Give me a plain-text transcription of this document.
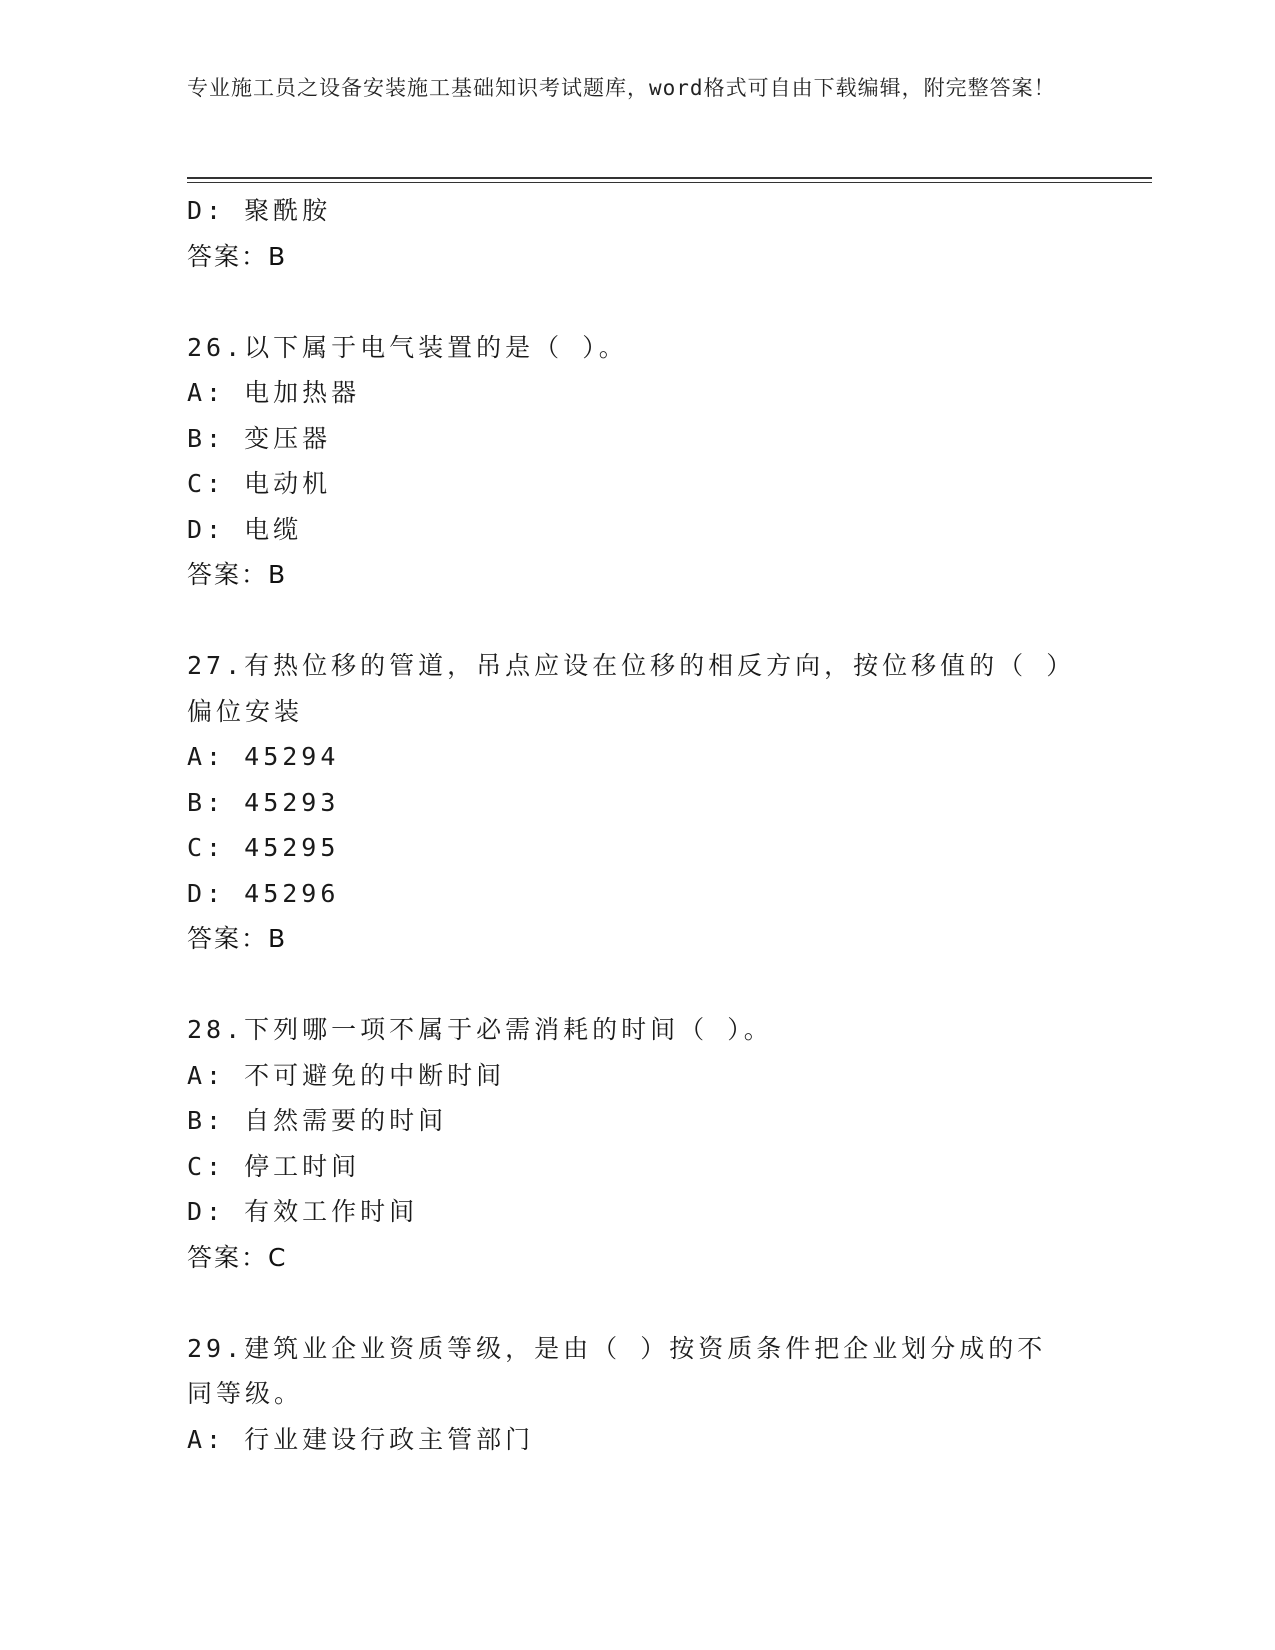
专业施工员之设备安装施工基础知识考试题库，word格式可自由下载编辑，附完整答案！
D: 聚酰胺
答案：B
26.以下属于电气装置的是（ ）。
A: 电加热器
B: 变压器
C: 电动机
D: 电缆
答案：B
27.有热位移的管道，吊点应设在位移的相反方向，按位移值的（ ）偏位安装
A: 45294
B: 45293
C: 45295
D: 45296
答案：B
28.下列哪一项不属于必需消耗的时间（ ）。
A: 不可避免的中断时间
B: 自然需要的时间
C: 停工时间
D: 有效工作时间
答案：C
29.建筑业企业资质等级，是由（ ）按资质条件把企业划分成的不同等级。
A: 行业建设行政主管部门
